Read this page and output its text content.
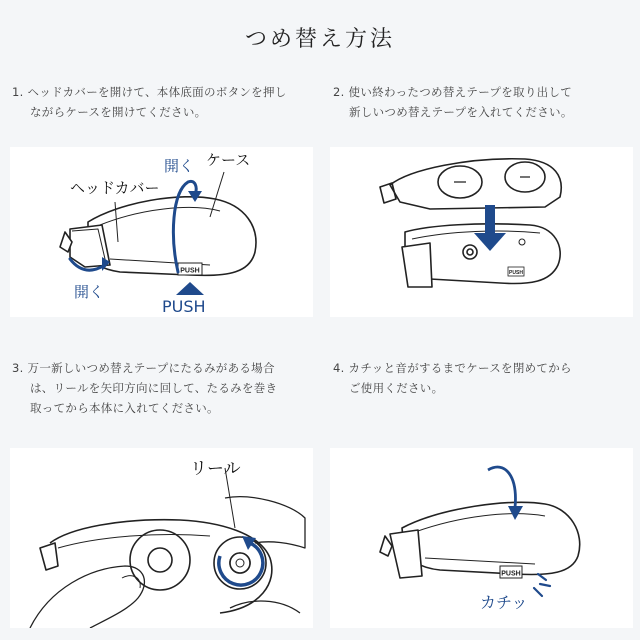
つめ替え方法
1. ヘッドカバーを開けて、本体底面のボタンを押し
ながらケースを開けてください。
2. 使い終わったつめ替えテープを取り出して
新しいつめ替えテープを入れてください。
PUSH
開く ケース
ヘッドカバー
開く
PUSH
PUSH
3. 万一新しいつめ替えテープにたるみがある場合
は、リールを矢印方向に回して、たるみを巻き
取ってから本体に入れてください。
4. カチッと音がするまでケースを閉めてから
ご使用ください。
リール
PUSH
カチッ
